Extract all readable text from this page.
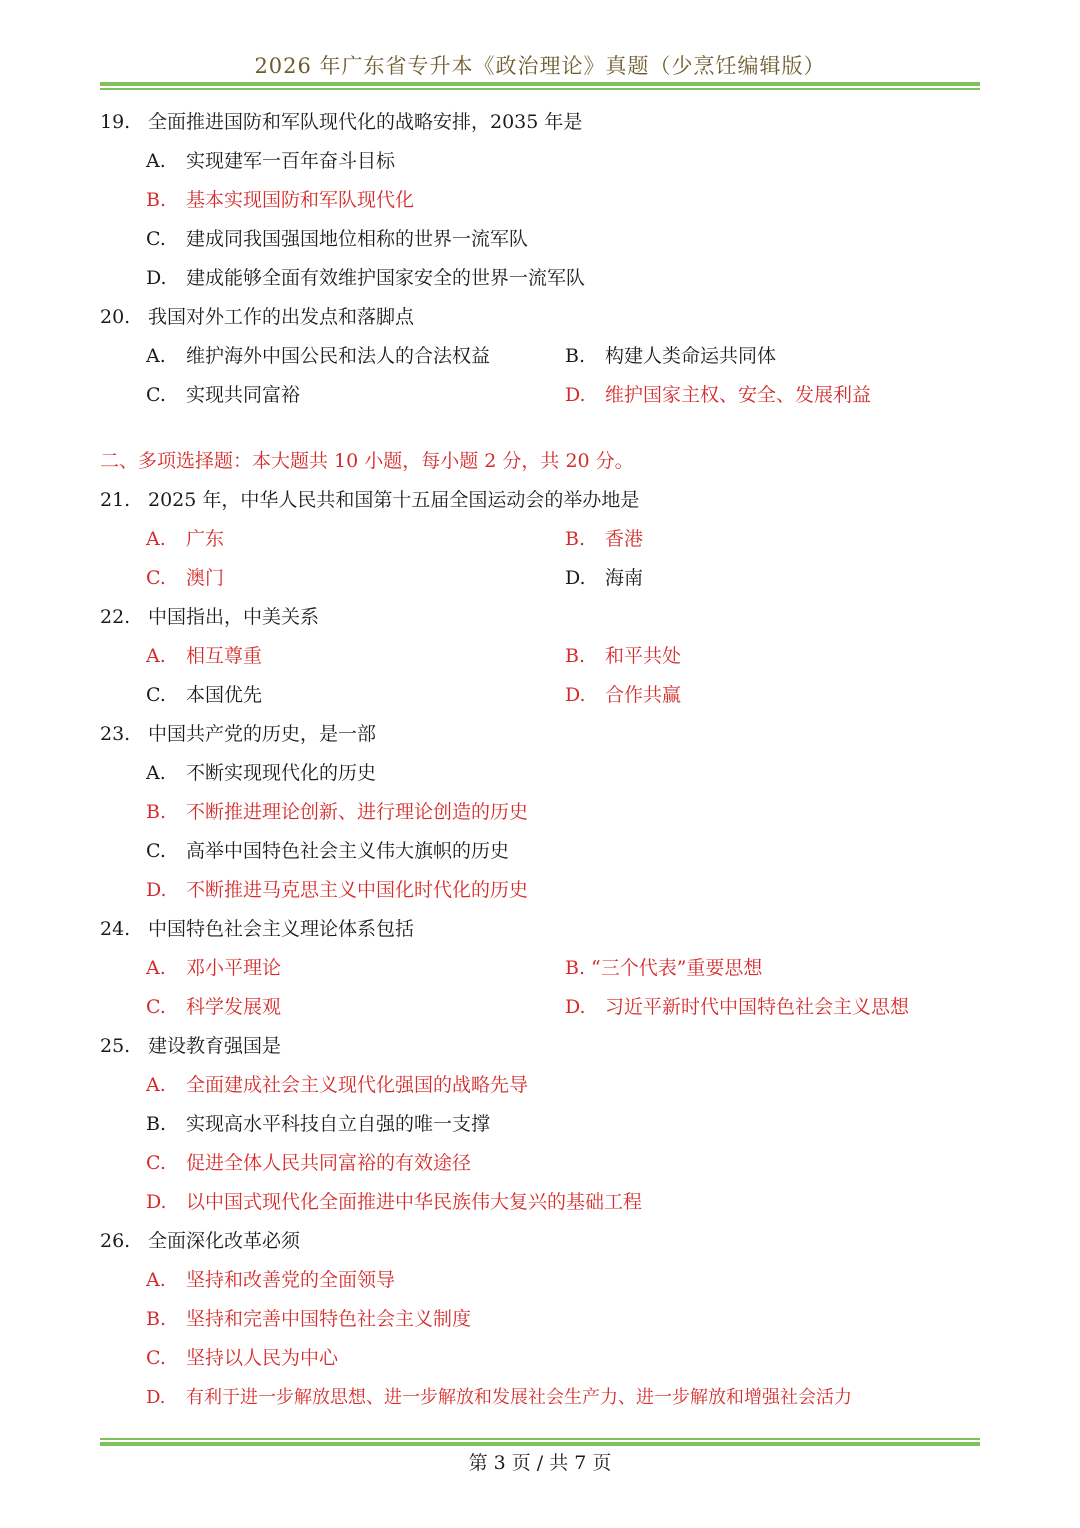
2026 年广东省专升本《政治理论》真题（少烹饪编辑版）
19. 全面推进国防和军队现代化的战略安排，2035 年是
A. 实现建军一百年奋斗目标
B. 基本实现国防和军队现代化
C. 建成同我国强国地位相称的世界一流军队
D. 建成能够全面有效维护国家安全的世界一流军队
20. 我国对外工作的出发点和落脚点
A. 维护海外中国公民和法人的合法权益	B. 构建人类命运共同体
C. 实现共同富裕	D. 维护国家主权、安全、发展利益
二、多项选择题：本大题共 10 小题，每小题 2 分，共 20 分。
21. 2025 年，中华人民共和国第十五届全国运动会的举办地是
A. 广东	B. 香港
C. 澳门	D. 海南
22. 中国指出，中美关系
A. 相互尊重	B. 和平共处
C. 本国优先	D. 合作共赢
23. 中国共产党的历史，是一部
A. 不断实现现代化的历史
B. 不断推进理论创新、进行理论创造的历史
C. 高举中国特色社会主义伟大旗帜的历史
D. 不断推进马克思主义中国化时代化的历史
24. 中国特色社会主义理论体系包括
A. 邓小平理论	B. “三个代表”重要思想
C. 科学发展观	D. 习近平新时代中国特色社会主义思想
25. 建设教育强国是
A. 全面建成社会主义现代化强国的战略先导
B. 实现高水平科技自立自强的唯一支撑
C. 促进全体人民共同富裕的有效途径
D. 以中国式现代化全面推进中华民族伟大复兴的基础工程
26. 全面深化改革必须
A. 坚持和改善党的全面领导
B. 坚持和完善中国特色社会主义制度
C. 坚持以人民为中心
D. 有利于进一步解放思想、进一步解放和发展社会生产力、进一步解放和增强社会活力
第 3 页 / 共 7 页
